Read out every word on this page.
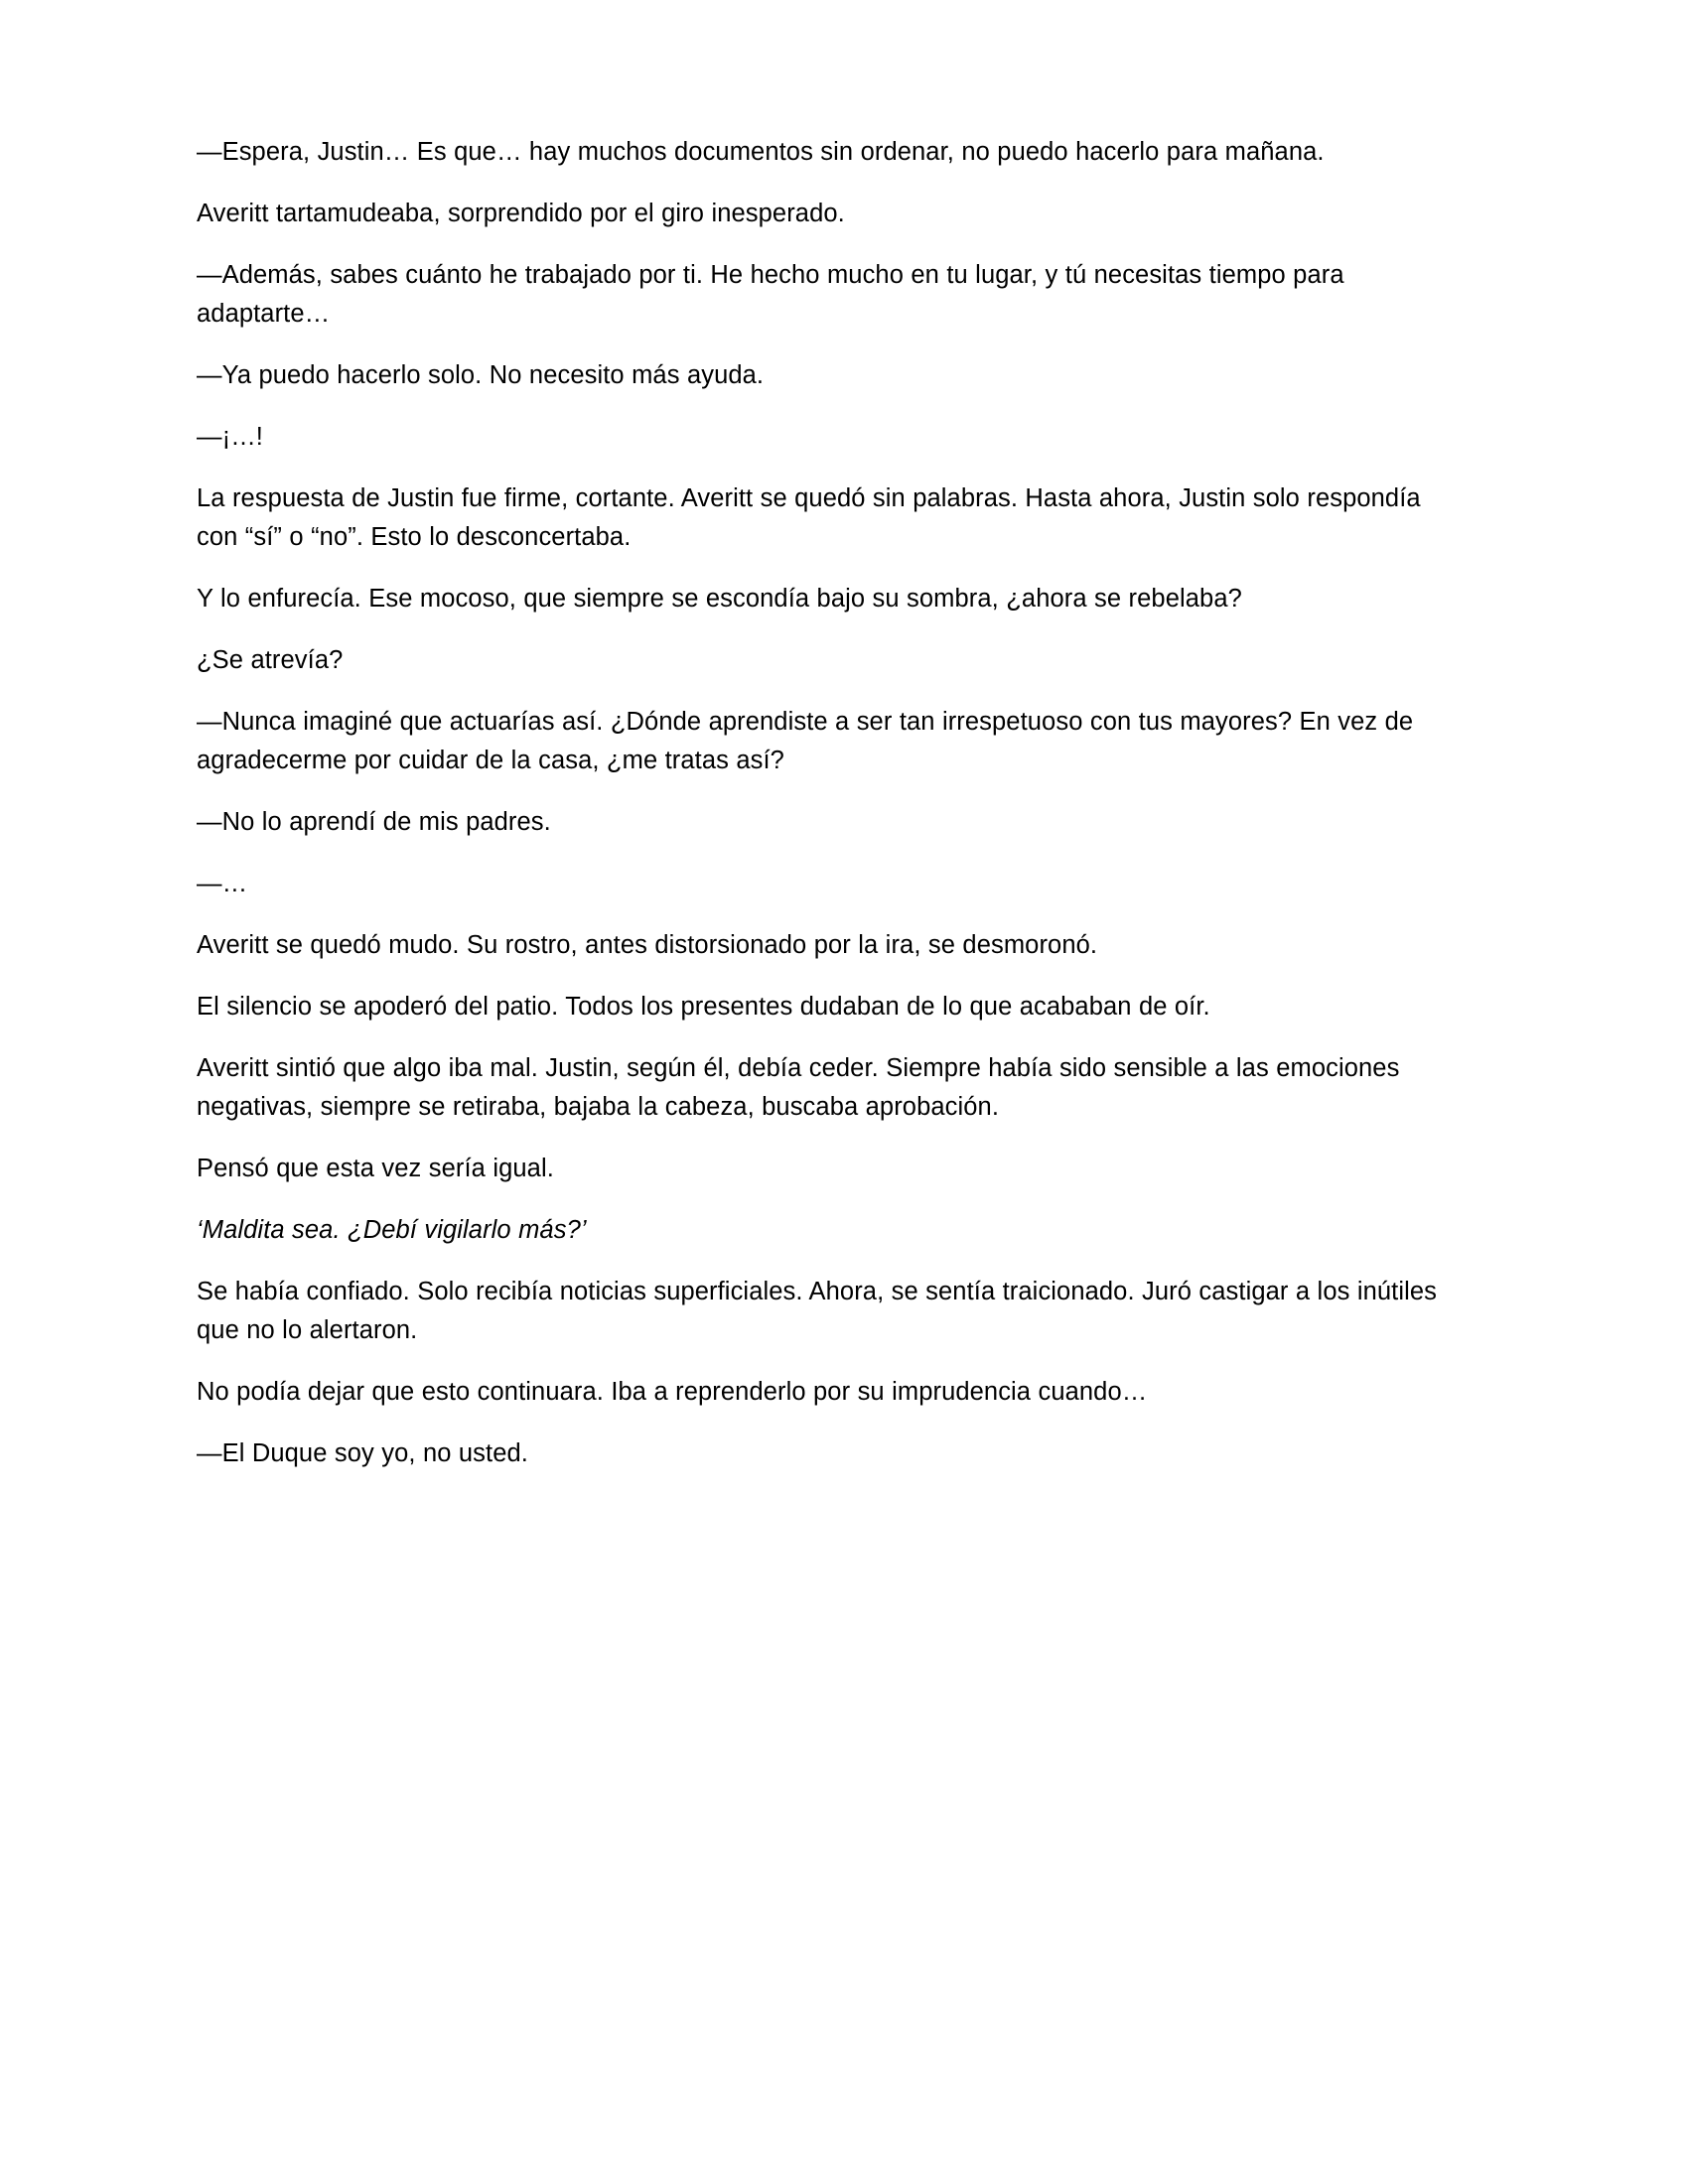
—Espera, Justin… Es que… hay muchos documentos sin ordenar, no puedo hacerlo para mañana.

Averitt tartamudeaba, sorprendido por el giro inesperado.

—Además, sabes cuánto he trabajado por ti. He hecho mucho en tu lugar, y tú necesitas tiempo para adaptarte…

—Ya puedo hacerlo solo. No necesito más ayuda.

—¡…!

La respuesta de Justin fue firme, cortante. Averitt se quedó sin palabras. Hasta ahora, Justin solo respondía con “sí” o “no”. Esto lo desconcertaba.

Y lo enfurecía. Ese mocoso, que siempre se escondía bajo su sombra, ¿ahora se rebelaba?

¿Se atrevía?

—Nunca imaginé que actuarías así. ¿Dónde aprendiste a ser tan irrespetuoso con tus mayores? En vez de agradecerme por cuidar de la casa, ¿me tratas así?

—No lo aprendí de mis padres.

—…

Averitt se quedó mudo. Su rostro, antes distorsionado por la ira, se desmoronó.

El silencio se apoderó del patio. Todos los presentes dudaban de lo que acababan de oír.

Averitt sintió que algo iba mal. Justin, según él, debía ceder. Siempre había sido sensible a las emociones negativas, siempre se retiraba, bajaba la cabeza, buscaba aprobación.

Pensó que esta vez sería igual.

‘Maldita sea. ¿Debí vigilarlo más?’

Se había confiado. Solo recibía noticias superficiales. Ahora, se sentía traicionado. Juró castigar a los inútiles que no lo alertaron.

No podía dejar que esto continuara. Iba a reprenderlo por su imprudencia cuando…

—El Duque soy yo, no usted.
